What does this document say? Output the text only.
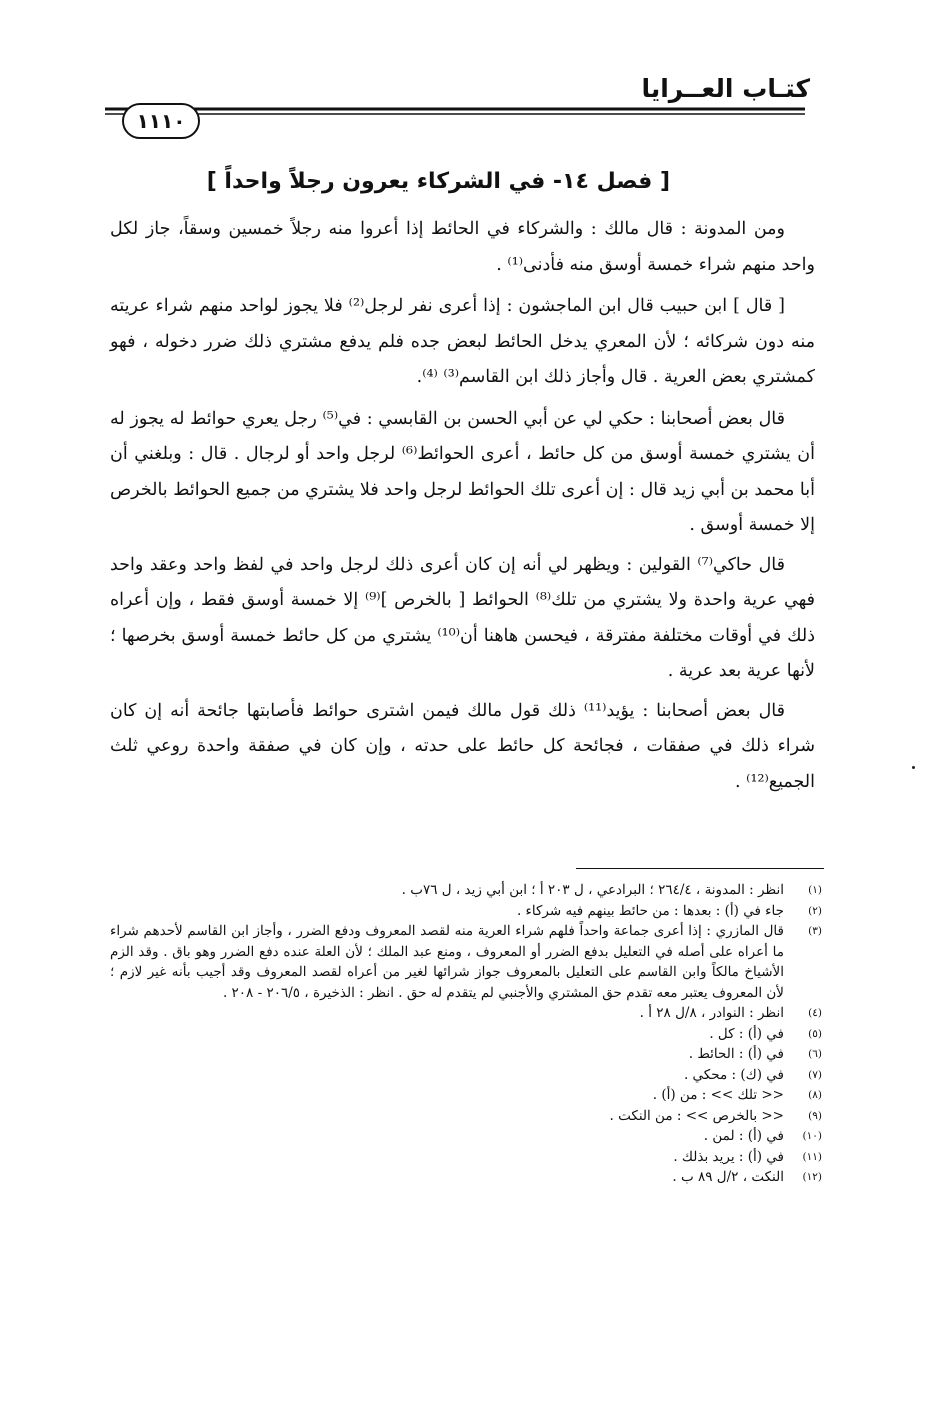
كتـاب العــرايا
١١١٠
[ فصل ١٤- في الشركاء يعرون رجلاً واحداً ]

ومن المدونة : قال مالك : والشركاء في الحائط إذا أعروا منه رجلاً خمسين وسقاً، جاز لكل واحد منهم شراء خمسة أوسق منه فأدنى⁽¹⁾ .

[ قال ] ابن حبيب قال ابن الماجشون : إذا أعرى نفر لرجل⁽²⁾ فلا يجوز لواحد منهم شراء عريته منه دون شركائه ؛ لأن المعري يدخل الحائط لبعض جده فلم يدفع مشتري ذلك ضرر دخوله ، فهو كمشتري بعض العرية . قال وأجاز ذلك ابن القاسم⁽³⁾ ⁽⁴⁾.

قال بعض أصحابنا : حكي لي عن أبي الحسن بن القابسي : في⁽⁵⁾ رجل يعري حوائط له يجوز له أن يشتري خمسة أوسق من كل حائط ، أعرى الحوائط⁽⁶⁾ لرجل واحد أو لرجال . قال : وبلغني أن أبا محمد بن أبي زيد قال : إن أعرى تلك الحوائط لرجل واحد فلا يشتري من جميع الحوائط بالخرص إلا خمسة أوسق .

قال حاكي⁽⁷⁾ القولين : ويظهر لي أنه إن كان أعرى ذلك لرجل واحد في لفظ واحد وعقد واحد فهي عرية واحدة ولا يشتري من تلك⁽⁸⁾ الحوائط [ بالخرص ]⁽⁹⁾ إلا خمسة أوسق فقط ، وإن أعراه ذلك في أوقات مختلفة مفترقة ، فيحسن هاهنا أن⁽¹⁰⁾ يشتري من كل حائط خمسة أوسق بخرصها ؛ لأنها عرية بعد عرية .

قال بعض أصحابنا : يؤيد⁽¹¹⁾ ذلك قول مالك فيمن اشترى حوائط فأصابتها جائحة أنه إن كان شراء ذلك في صفقات ، فجائحة كل حائط على حدته ، وإن كان في صفقة واحدة روعي ثلث الجميع⁽¹²⁾ .

(١)
انظر : المدونة ، ٢٦٤/٤ ؛ البرادعي ، ل ٢٠٣ أ ؛ ابن أبي زيد ، ل ٧٦ب .
(٢)
جاء في (أ) : بعدها : من حائط بينهم فيه شركاء .
(٣)
قال المازري : إذا أعرى جماعة واحداً فلهم شراء العرية منه لقصد المعروف ودفع الضرر ، وأجاز ابن القاسم لأحدهم شراء ما أعراه على أصله في التعليل بدفع الضرر أو المعروف ، ومنع عبد الملك ؛ لأن العلة عنده دفع الضرر وهو باق . وقد الزم الأشياخ مالكاً وابن القاسم على التعليل بالمعروف جواز شرائها لغير من أعراه لقصد المعروف وقد أجيب بأنه غير لازم ؛ لأن المعروف يعتبر معه تقدم حق المشتري والأجنبي لم يتقدم له حق . انظر : الذخيرة ، ٢٠٦/٥ - ٢٠٨ .
(٤)
انظر : النوادر ، ٨/ل ٢٨ أ .
(٥)
في (أ) : كل .
(٦)
في (أ) : الحائط .
(٧)
في (ك) : محكي .
(٨)
<< تلك >> : من (أ) .
(٩)
<< بالخرص >> : من النكت .
(١٠)
في (أ) : لمن .
(١١)
في (أ) : يريد بذلك .
(١٢)
النكت ، ٢/ل ٨٩ ب .
